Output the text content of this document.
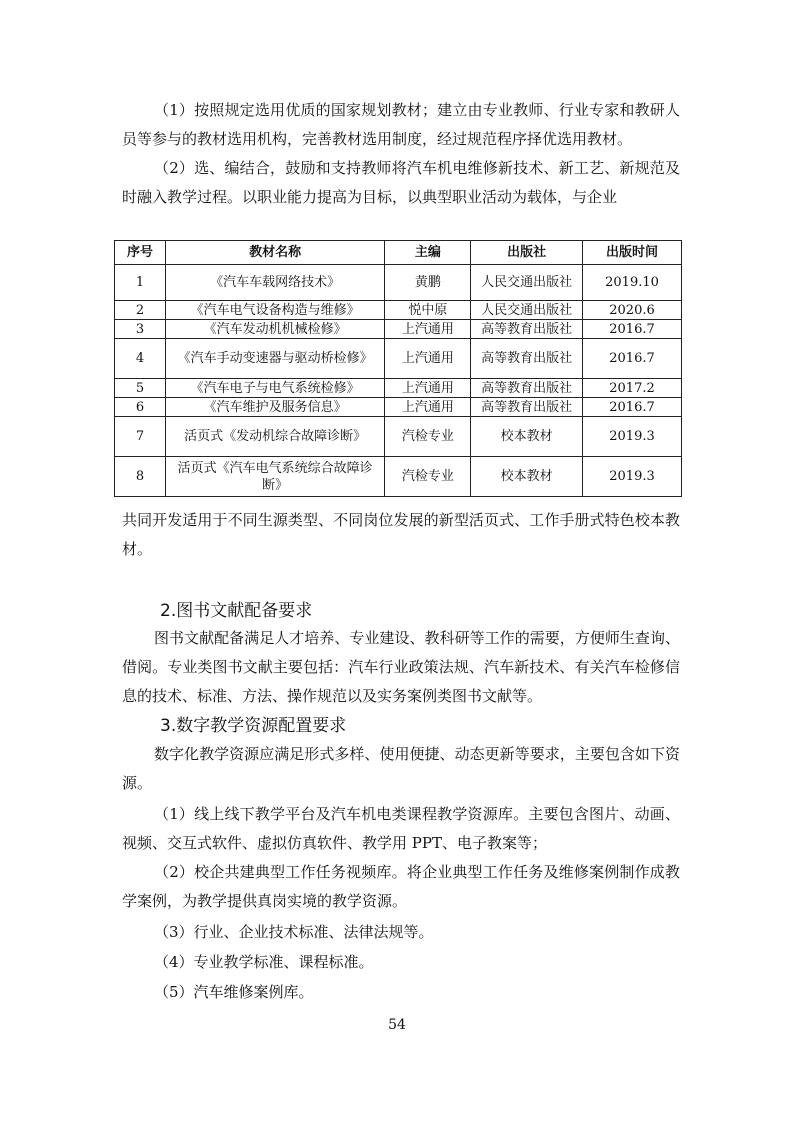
（1）按照规定选用优质的国家规划教材；建立由专业教师、行业专家和教研人员等参与的教材选用机构，完善教材选用制度，经过规范程序择优选用教材。

（2）选、编结合，鼓励和支持教师将汽车机电维修新技术、新工艺、新规范及时融入教学过程。以职业能力提高为目标，以典型职业活动为载体，与企业

序号	教材名称	主编	出版社	出版时间
1	《汽车车载网络技术》	黄鹏	人民交通出版社	2019.10
2	《汽车电气设备构造与维修》	悦中原	人民交通出版社	2020.6
3	《汽车发动机机械检修》	上汽通用	高等教育出版社	2016.7
4	《汽车手动变速器与驱动桥检修》	上汽通用	高等教育出版社	2016.7
5	《汽车电子与电气系统检修》	上汽通用	高等教育出版社	2017.2
6	《汽车维护及服务信息》	上汽通用	高等教育出版社	2016.7
7	活页式《发动机综合故障诊断》	汽检专业	校本教材	2019.3
8	活页式《汽车电气系统综合故障诊断》	汽检专业	校本教材	2019.3

共同开发适用于不同生源类型、不同岗位发展的新型活页式、工作手册式特色校本教材。

2.图书文献配备要求

图书文献配备满足人才培养、专业建设、教科研等工作的需要，方便师生查询、借阅。专业类图书文献主要包括：汽车行业政策法规、汽车新技术、有关汽车检修信息的技术、标准、方法、操作规范以及实务案例类图书文献等。

3.数字教学资源配置要求

数字化教学资源应满足形式多样、使用便捷、动态更新等要求，主要包含如下资源。

（1）线上线下教学平台及汽车机电类课程教学资源库。主要包含图片、动画、视频、交互式软件、虚拟仿真软件、教学用 PPT、电子教案等；

（2）校企共建典型工作任务视频库。将企业典型工作任务及维修案例制作成教学案例，为教学提供真岗实境的教学资源。

（3）行业、企业技术标准、法律法规等。

（4）专业教学标准、课程标准。

（5）汽车维修案例库。

54
